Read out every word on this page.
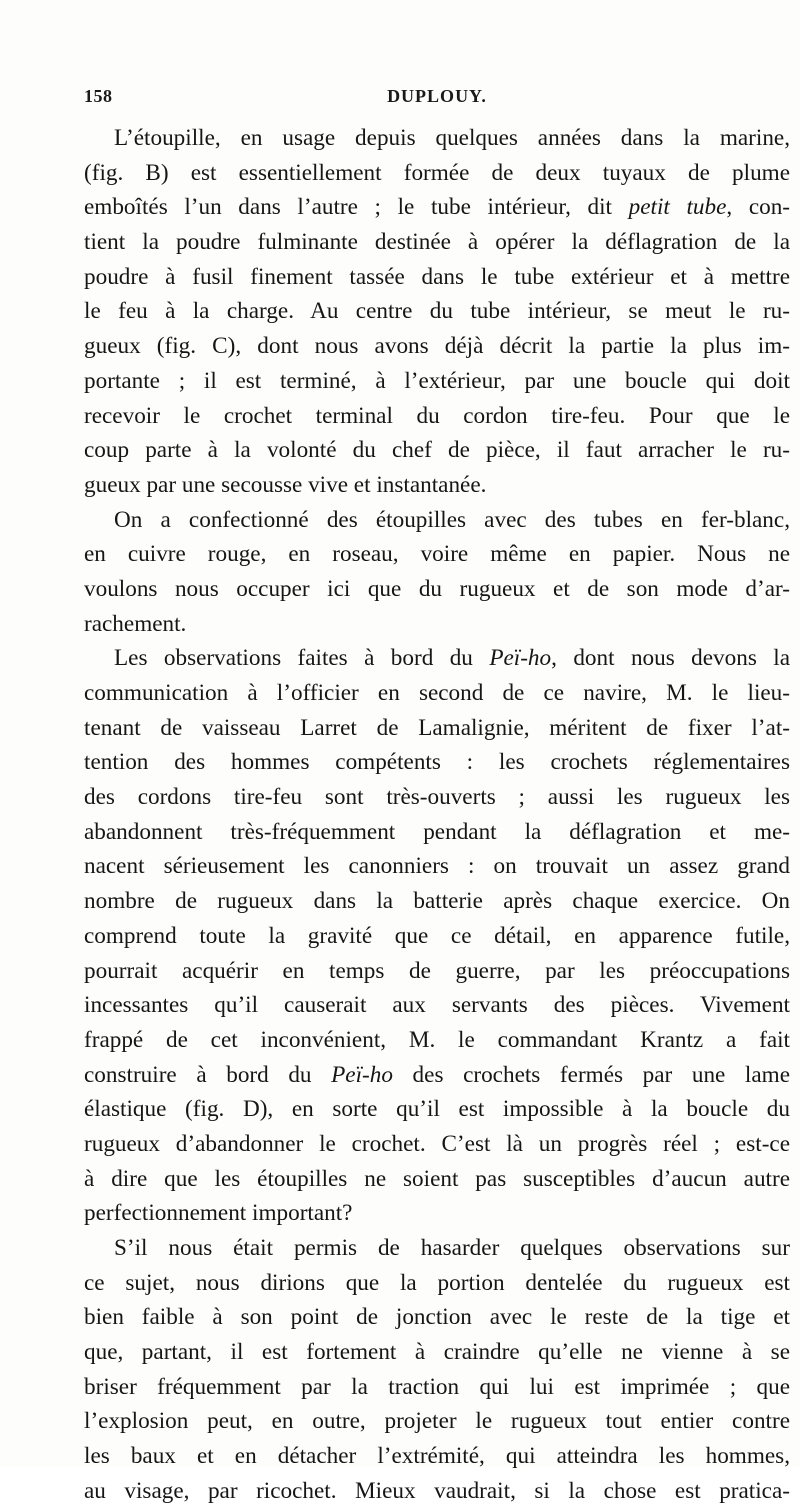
158	DUPLOUY.
L’étoupille, en usage depuis quelques années dans la marine,
(fig. B) est essentiellement formée de deux tuyaux de plume
emboîtés l’un dans l’autre ; le tube intérieur, dit petit tube, con-
tient la poudre fulminante destinée à opérer la déflagration de la
poudre à fusil finement tassée dans le tube extérieur et à mettre
le feu à la charge. Au centre du tube intérieur, se meut le ru-
gueux (fig. C), dont nous avons déjà décrit la partie la plus im-
portante ; il est terminé, à l’extérieur, par une boucle qui doit
recevoir le crochet terminal du cordon tire-feu. Pour que le
coup parte à la volonté du chef de pièce, il faut arracher le ru-
gueux par une secousse vive et instantanée.
On a confectionné des étoupilles avec des tubes en fer-blanc,
en cuivre rouge, en roseau, voire même en papier. Nous ne
voulons nous occuper ici que du rugueux et de son mode d’ar-
rachement.
Les observations faites à bord du Peï-ho, dont nous devons la
communication à l’officier en second de ce navire, M. le lieu-
tenant de vaisseau Larret de Lamalignie, méritent de fixer l’at-
tention des hommes compétents : les crochets réglementaires
des cordons tire-feu sont très-ouverts ; aussi les rugueux les
abandonnent très-fréquemment pendant la déflagration et me-
nacent sérieusement les canonniers : on trouvait un assez grand
nombre de rugueux dans la batterie après chaque exercice. On
comprend toute la gravité que ce détail, en apparence futile,
pourrait acquérir en temps de guerre, par les préoccupations
incessantes qu’il causerait aux servants des pièces. Vivement
frappé de cet inconvénient, M. le commandant Krantz a fait
construire à bord du Peï-ho des crochets fermés par une lame
élastique (fig. D), en sorte qu’il est impossible à la boucle du
rugueux d’abandonner le crochet. C’est là un progrès réel ; est-ce
à dire que les étoupilles ne soient pas susceptibles d’aucun autre
perfectionnement important?
S’il nous était permis de hasarder quelques observations sur
ce sujet, nous dirions que la portion dentelée du rugueux est
bien faible à son point de jonction avec le reste de la tige et
que, partant, il est fortement à craindre qu’elle ne vienne à se
briser fréquemment par la traction qui lui est imprimée ; que
l’explosion peut, en outre, projeter le rugueux tout entier contre
les baux et en détacher l’extrémité, qui atteindra les hommes,
au visage, par ricochet. Mieux vaudrait, si la chose est pratica-
